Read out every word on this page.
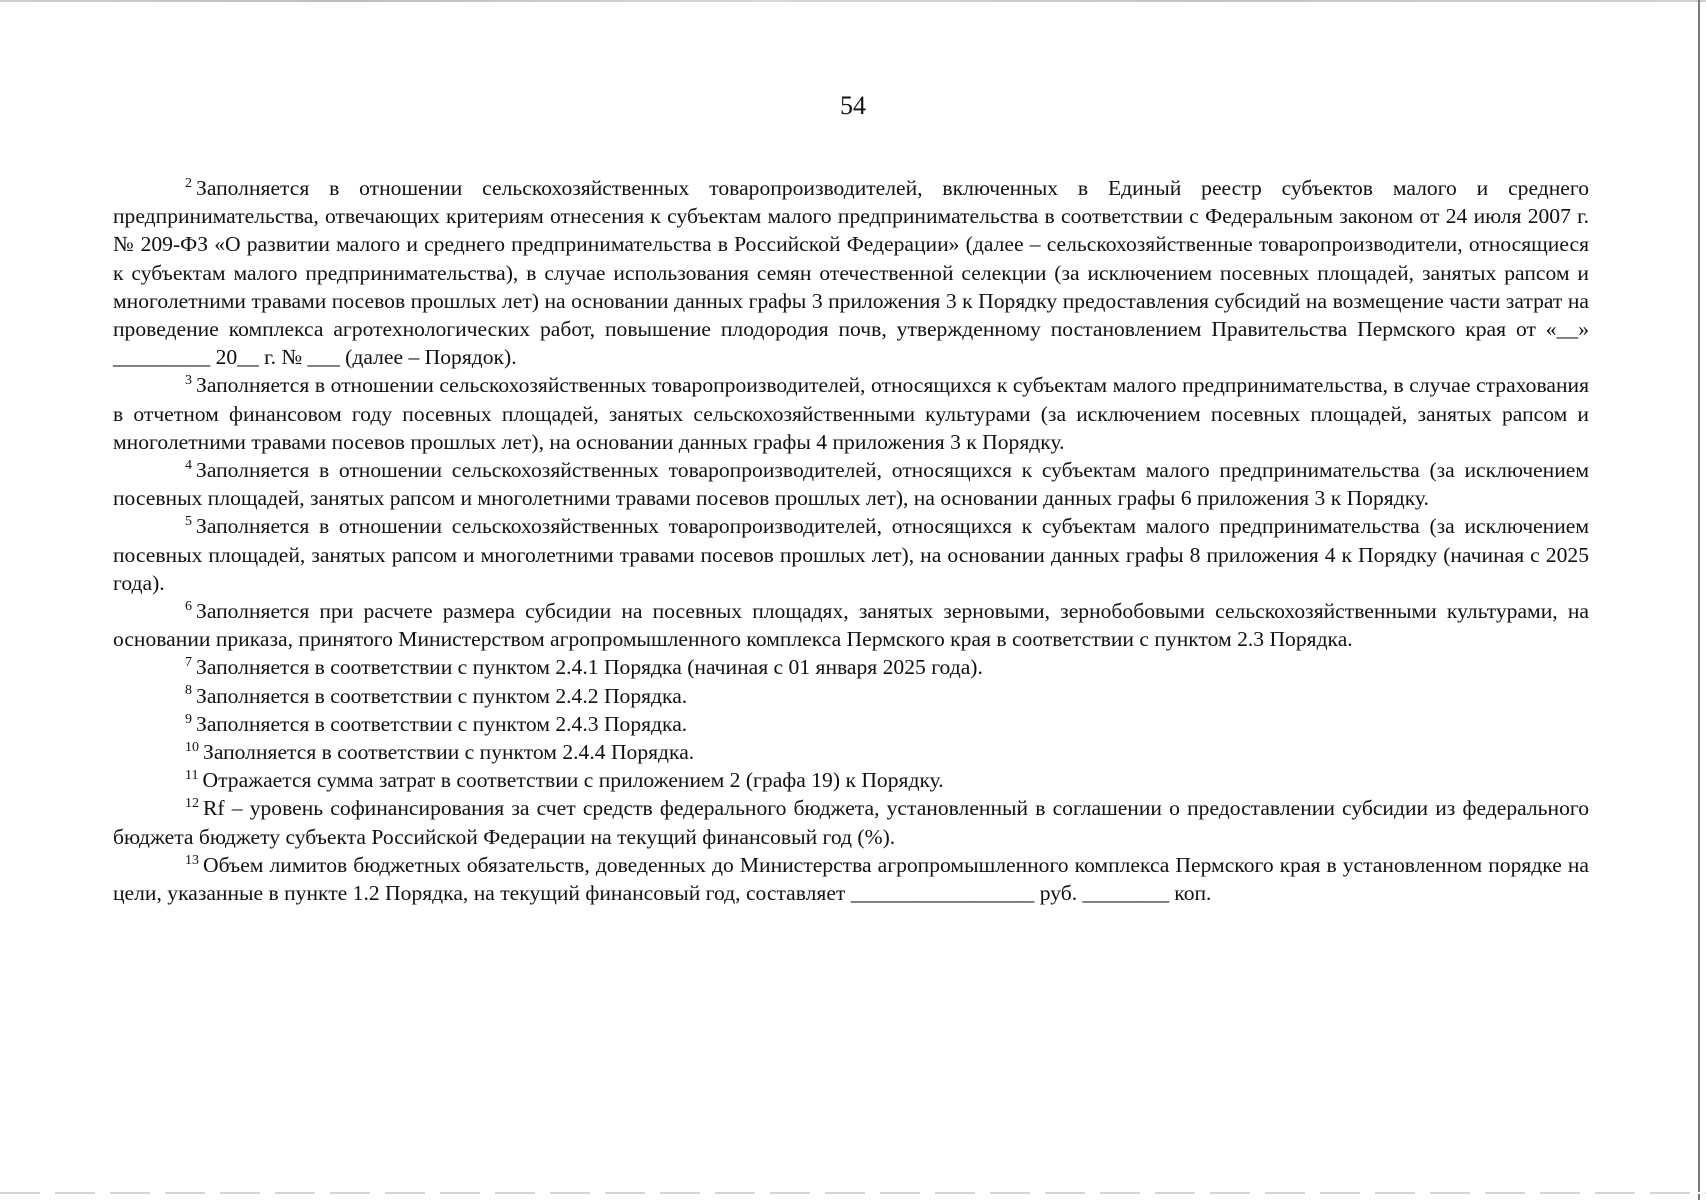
54

$^2$ Заполняется в отношении сельскохозяйственных товаропроизводителей, включенных в Единый реестр субъектов малого и среднего предпринимательства, отвечающих критериям отнесения к субъектам малого предпринимательства в соответствии с Федеральным законом от 24 июля 2007 г. № 209-ФЗ «О развитии малого и среднего предпринимательства в Российской Федерации» (далее – сельскохозяйственные товаропроизводители, относящиеся к субъектам малого предпринимательства), в случае использования семян отечественной селекции (за исключением посевных площадей, занятых рапсом и многолетними травами посевов прошлых лет) на основании данных графы 3 приложения 3 к Порядку предоставления субсидий на возмещение части затрат на проведение комплекса агротехнологических работ, повышение плодородия почв, утвержденному постановлением Правительства Пермского края от «__» _________ 20__ г. № ___ (далее – Порядок).

$^3$ Заполняется в отношении сельскохозяйственных товаропроизводителей, относящихся к субъектам малого предпринимательства, в случае страхования в отчетном финансовом году посевных площадей, занятых сельскохозяйственными культурами (за исключением посевных площадей, занятых рапсом и многолетними травами посевов прошлых лет), на основании данных графы 4 приложения 3 к Порядку.

$^4$ Заполняется в отношении сельскохозяйственных товаропроизводителей, относящихся к субъектам малого предпринимательства (за исключением посевных площадей, занятых рапсом и многолетними травами посевов прошлых лет), на основании данных графы 6 приложения 3 к Порядку.

$^5$ Заполняется в отношении сельскохозяйственных товаропроизводителей, относящихся к субъектам малого предпринимательства (за исключением посевных площадей, занятых рапсом и многолетними травами посевов прошлых лет), на основании данных графы 8 приложения 4 к Порядку (начиная с 2025 года).

$^6$ Заполняется при расчете размера субсидии на посевных площадях, занятых зерновыми, зернобобовыми сельскохозяйственными культурами, на основании приказа, принятого Министерством агропромышленного комплекса Пермского края в соответствии с пунктом 2.3 Порядка.

$^7$ Заполняется в соответствии с пунктом 2.4.1 Порядка (начиная с 01 января 2025 года).

$^8$ Заполняется в соответствии с пунктом 2.4.2 Порядка.

$^9$ Заполняется в соответствии с пунктом 2.4.3 Порядка.

$^{10}$ Заполняется в соответствии с пунктом 2.4.4 Порядка.

$^{11}$ Отражается сумма затрат в соответствии с приложением 2 (графа 19) к Порядку.

$^{12}$ Rf – уровень софинансирования за счет средств федерального бюджета, установленный в соглашении о предоставлении субсидии из федерального бюджета бюджету субъекта Российской Федерации на текущий финансовый год (%).

$^{13}$ Объем лимитов бюджетных обязательств, доведенных до Министерства агропромышленного комплекса Пермского края в установленном порядке на цели, указанные в пункте 1.2 Порядка, на текущий финансовый год, составляет _________________ руб. ________ коп.
